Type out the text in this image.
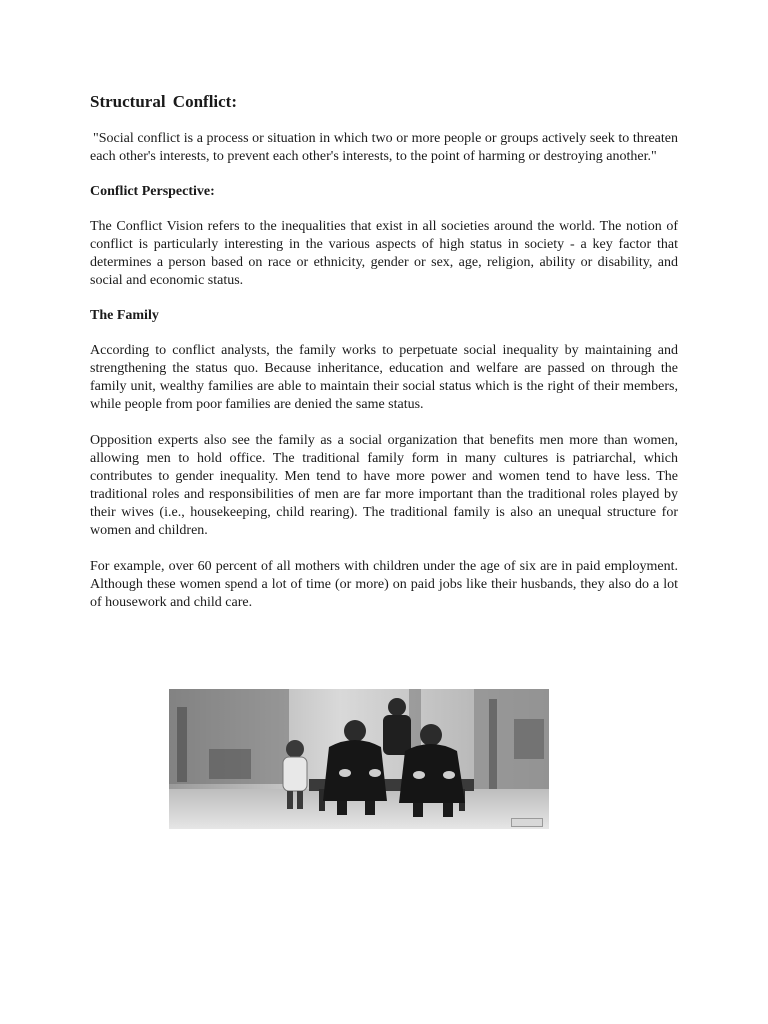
Structural Conflict:

"Social conflict is a process or situation in which two or more people or groups actively seek to threaten each other's interests, to prevent each other's interests, to the point of harming or destroying another."

Conflict Perspective:

The Conflict Vision refers to the inequalities that exist in all societies around the world. The notion of conflict is particularly interesting in the various aspects of high status in society - a key factor that determines a person based on race or ethnicity, gender or sex, age, religion, ability or disability, and social and economic status.

The Family

According to conflict analysts, the family works to perpetuate social inequality by maintaining and strengthening the status quo. Because inheritance, education and welfare are passed on through the family unit, wealthy families are able to maintain their social status which is the right of their members, while people from poor families are denied the same status.

Opposition experts also see the family as a social organization that benefits men more than women, allowing men to hold office. The traditional family form in many cultures is patriarchal, which contributes to gender inequality. Men tend to have more power and women tend to have less. The traditional roles and responsibilities of men are far more important than the traditional roles played by their wives (i.e., housekeeping, child rearing). The traditional family is also an unequal structure for women and children.

For example, over 60 percent of all mothers with children under the age of six are in paid employment. Although these women spend a lot of time (or more) on paid jobs like their husbands, they also do a lot of housework and child care.
